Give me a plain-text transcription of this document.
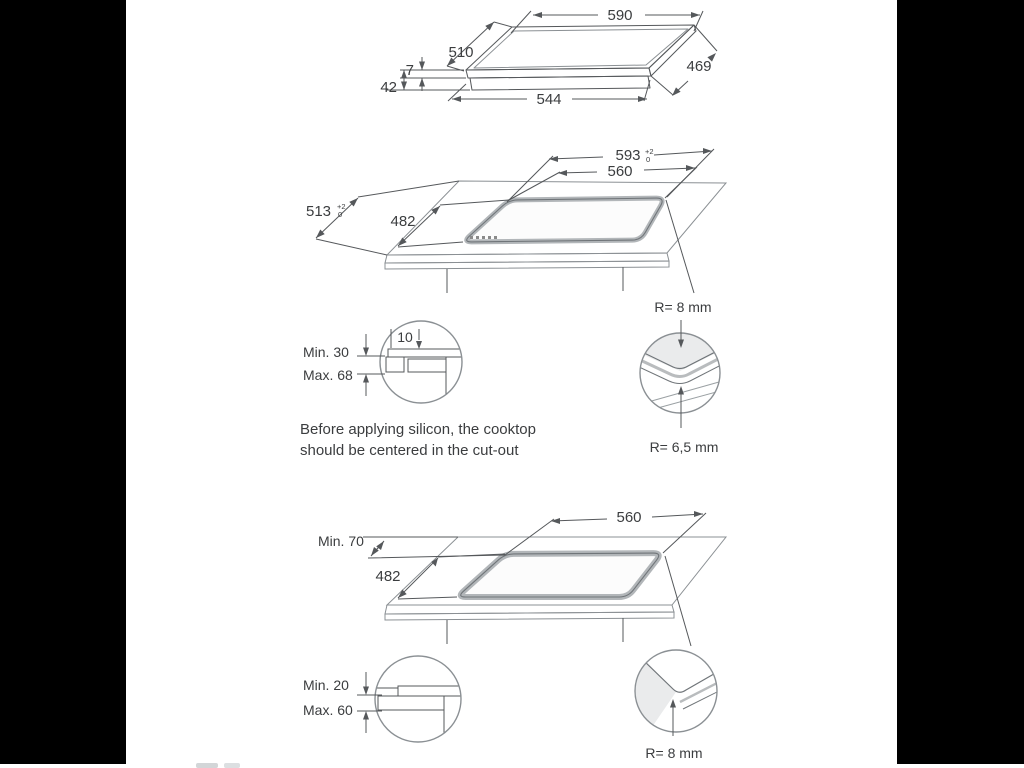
590
510
469
544
7
42
593 +2
0
560
513 +2
0	482
10
Min. 30
Max. 68
R= 8 mm
R= 6,5 mm
Before applying silicon, the cooktop
should be centered in the cut-out
560
Min. 70
482
Min. 20
Max. 60
R= 8 mm
